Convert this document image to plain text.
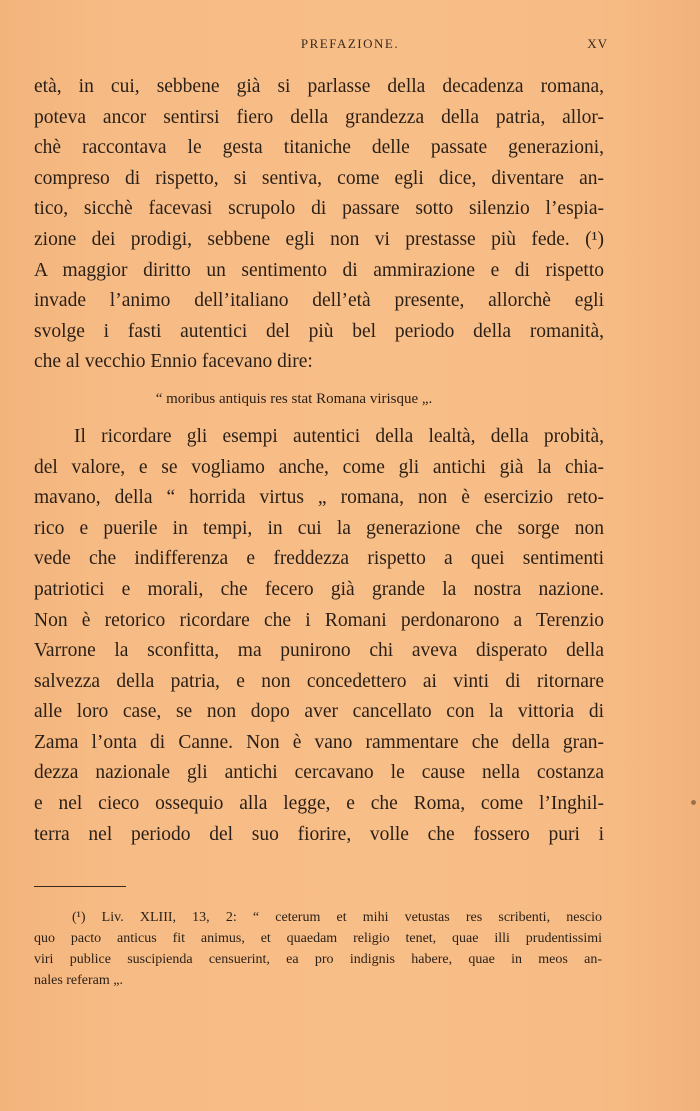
PREFAZIONE.	XV
età, in cui, sebbene già si parlasse della decadenza romana,
poteva ancor sentirsi fiero della grandezza della patria, allor-
chè raccontava le gesta titaniche delle passate generazioni,
compreso di rispetto, si sentiva, come egli dice, diventare an-
tico, sicchè facevasi scrupolo di passare sotto silenzio l’espia-
zione dei prodigi, sebbene egli non vi prestasse più fede. (¹)
A maggior diritto un sentimento di ammirazione e di rispetto
invade l’animo dell’italiano dell’età presente, allorchè egli
svolge i fasti autentici del più bel periodo della romanità,
che al vecchio Ennio facevano dire:
“ moribus antiquis res stat Romana virisque „.
Il ricordare gli esempi autentici della lealtà, della probità,
del valore, e se vogliamo anche, come gli antichi già la chia-
mavano, della “ horrida virtus „ romana, non è esercizio reto-
rico e puerile in tempi, in cui la generazione che sorge non
vede che indifferenza e freddezza rispetto a quei sentimenti
patriotici e morali, che fecero già grande la nostra nazione.
Non è retorico ricordare che i Romani perdonarono a Terenzio
Varrone la sconfitta, ma punirono chi aveva disperato della
salvezza della patria, e non concedettero ai vinti di ritornare
alle loro case, se non dopo aver cancellato con la vittoria di
Zama l’onta di Canne. Non è vano rammentare che della gran-
dezza nazionale gli antichi cercavano le cause nella costanza
e nel cieco ossequio alla legge, e che Roma, come l’Inghil-
terra nel periodo del suo fiorire, volle che fossero puri i
(¹) Liv. XLIII, 13, 2: “ ceterum et mihi vetustas res scribenti, nescio
quo pacto anticus fit animus, et quaedam religio tenet, quae illi prudentissimi
viri publice suscipienda censuerint, ea pro indignis habere, quae in meos an-
nales referam „.
